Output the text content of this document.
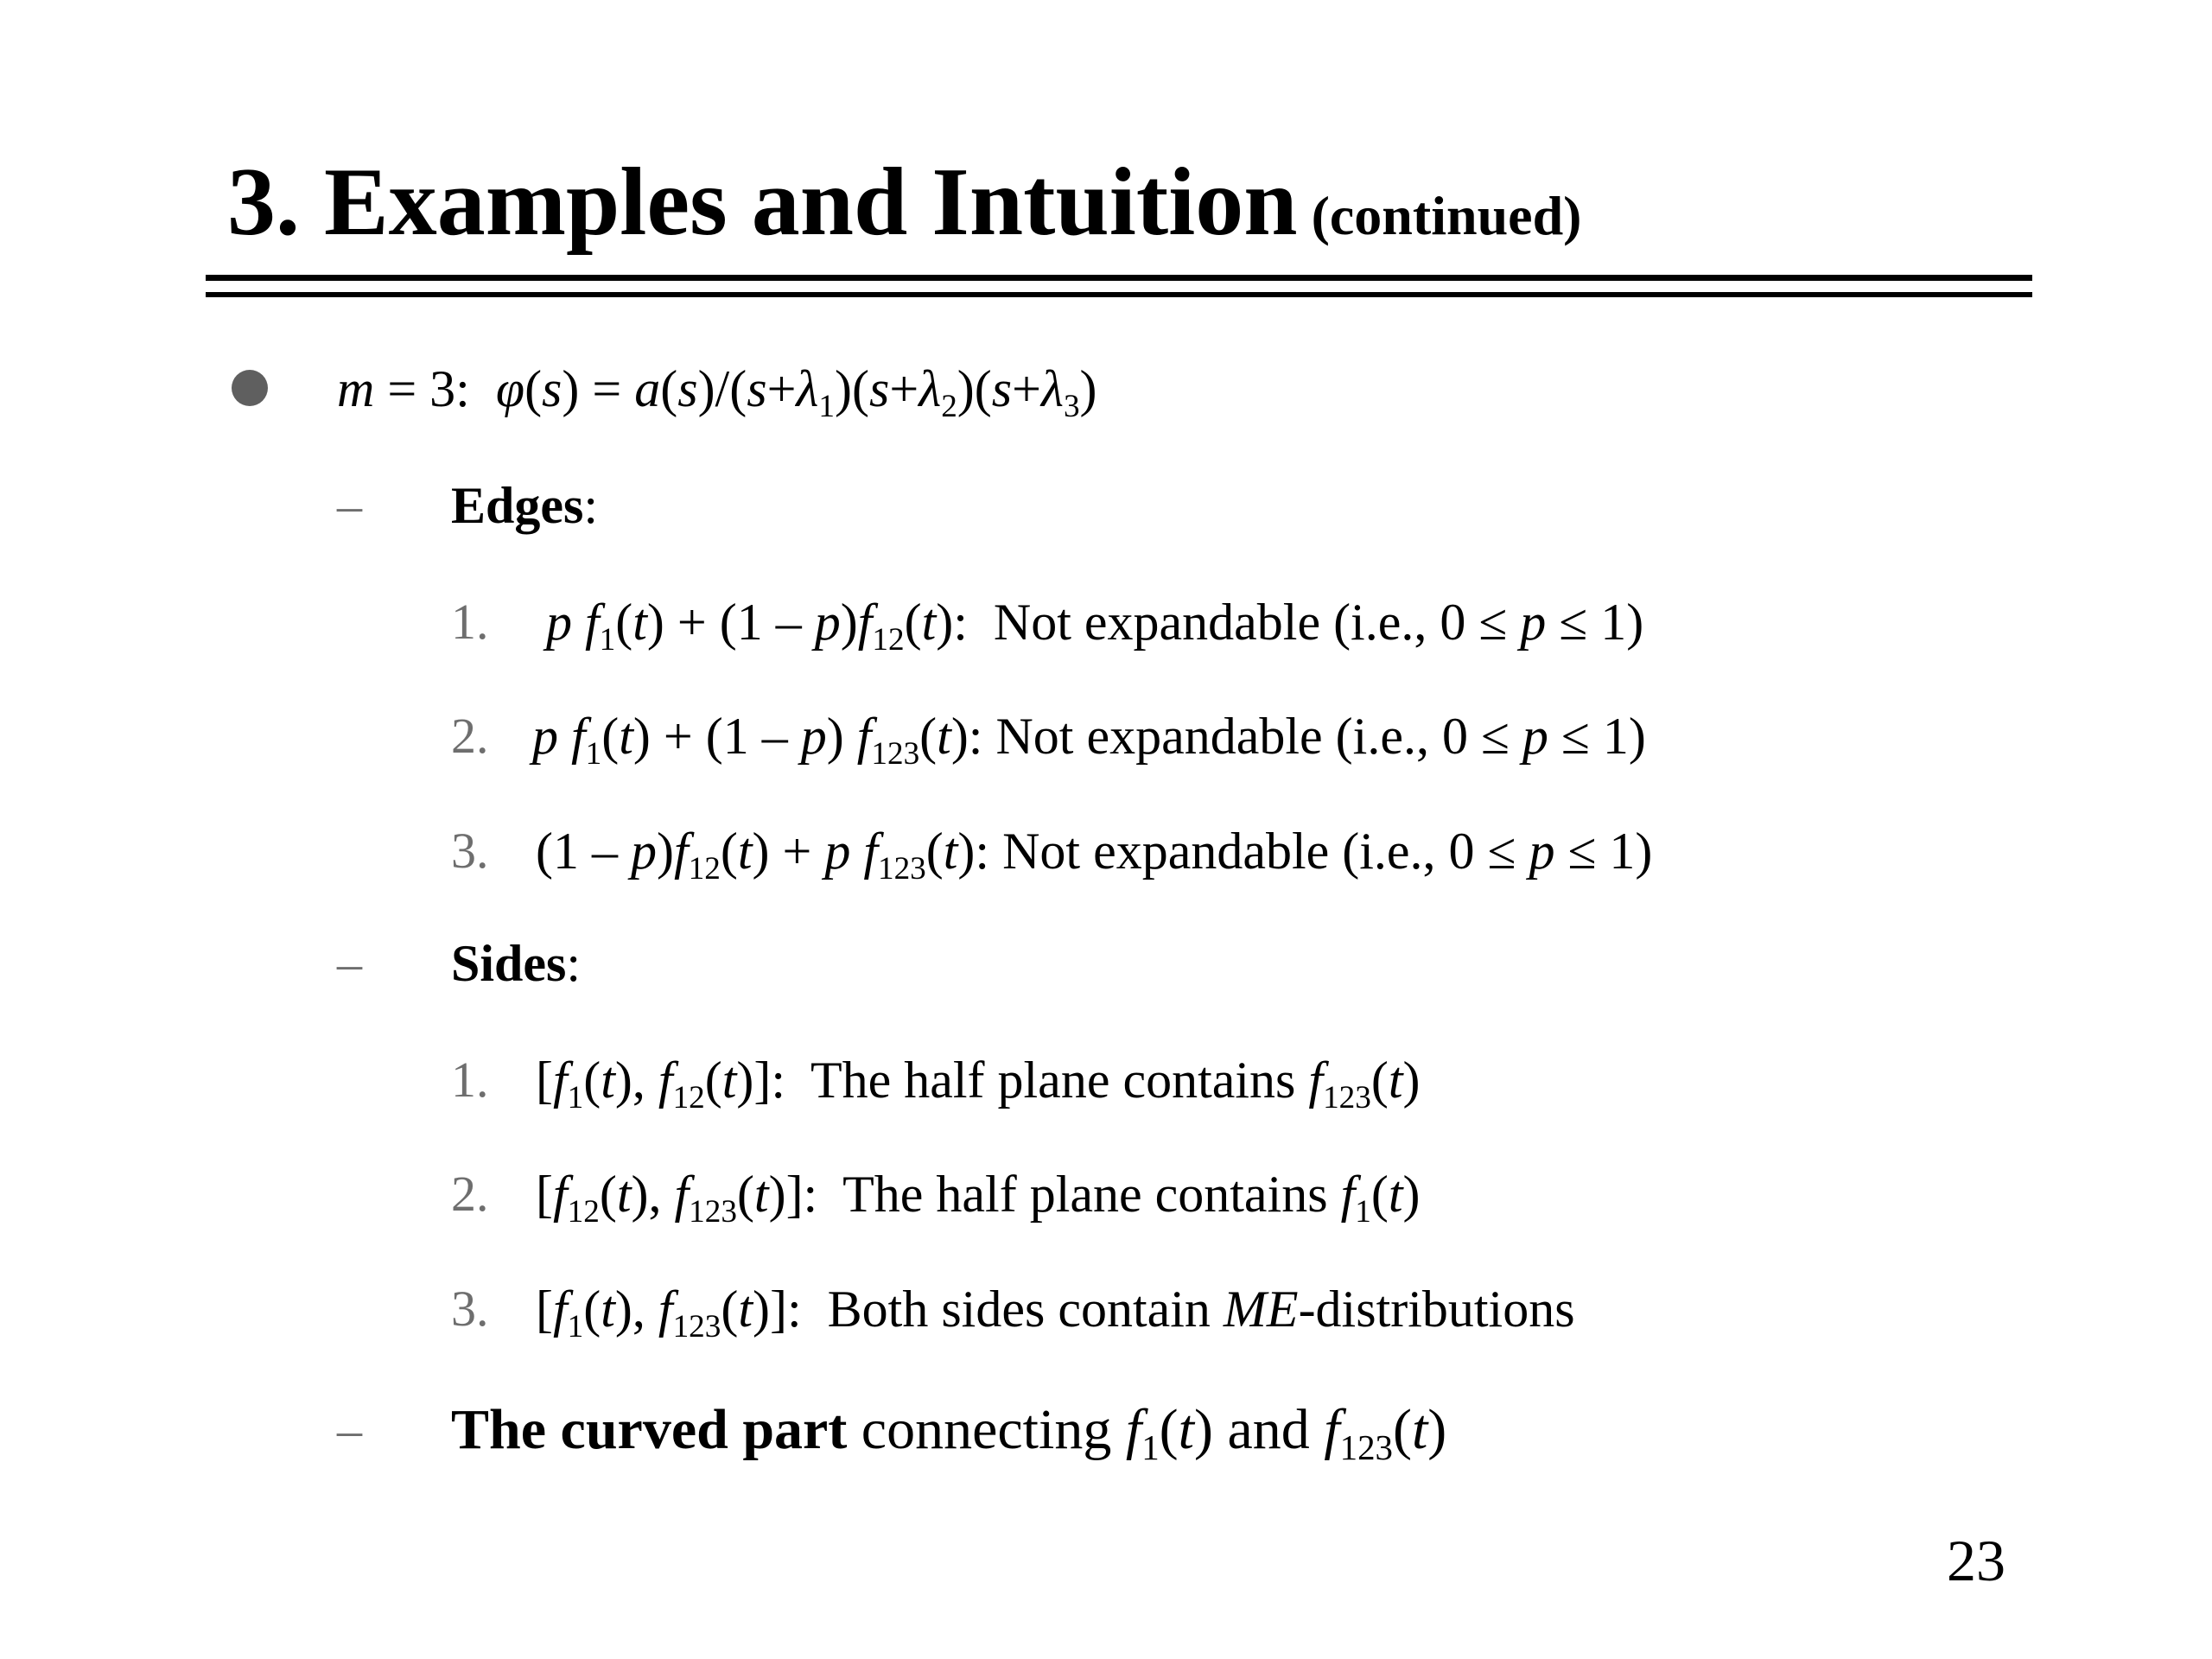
3. Examples and Intuition (continued)
m = 3:  $\varphi(s) = a(s)/(s+\lambda_1)(s+\lambda_2)(s+\lambda_3)$
– Edges:
1. p $f_1(t) + (1 - p)f_{12}(t)$:  Not expandable (i.e., 0 ≤ p ≤ 1)
2. p $f_1(t) + (1 - p)$ $f_{123}(t)$: Not expandable (i.e., 0 ≤ p ≤ 1)
3. $(1 - p)f_{12}(t) + p$ $f_{123}(t)$: Not expandable (i.e., 0 ≤ p ≤ 1)
– Sides:
1. [$f_1(t)$, $f_{12}(t)$]:  The half plane contains $f_{123}(t)$
2. [$f_{12}(t)$, $f_{123}(t)$]:  The half plane contains $f_1(t)$
3. [$f_1(t)$, $f_{123}(t)$]:  Both sides contain ME-distributions
– The curved part connecting $f_1(t)$ and $f_{123}(t)$
23
